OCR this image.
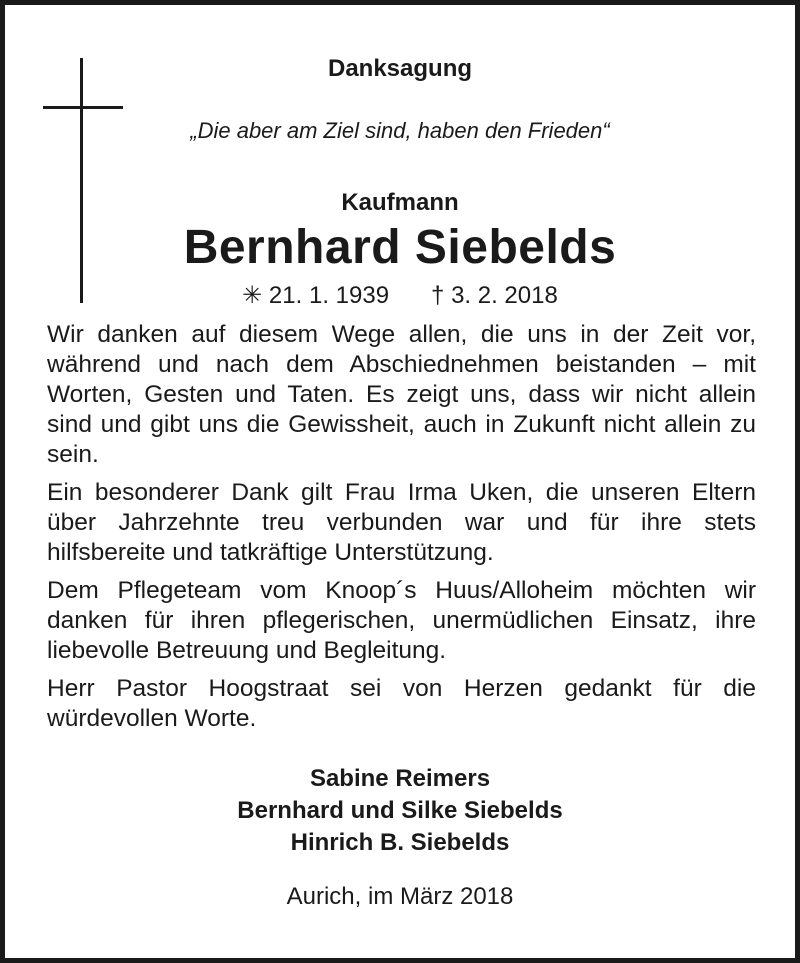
Danksagung
„Die aber am Ziel sind, haben den Frieden“
Kaufmann
Bernhard Siebelds
✳ 21. 1. 1939 † 3. 2. 2018

Wir danken auf diesem Wege allen, die uns in der Zeit vor, während und nach dem Abschiednehmen beistanden – mit Worten, Gesten und Taten. Es zeigt uns, dass wir nicht allein sind und gibt uns die Gewissheit, auch in Zukunft nicht allein zu sein.

Ein besonderer Dank gilt Frau Irma Uken, die unseren Eltern über Jahrzehnte treu verbunden war und für ihre stets hilfsbereite und tatkräftige Unterstützung.

Dem Pflegeteam vom Knoop´s Huus/Alloheim möchten wir danken für ihren pflegerischen, unermüdlichen Einsatz, ihre liebevolle Betreuung und Begleitung.

Herr Pastor Hoogstraat sei von Herzen gedankt für die würdevollen Worte.

Sabine Reimers
Bernhard und Silke Siebelds
Hinrich B. Siebelds
Aurich, im März 2018
